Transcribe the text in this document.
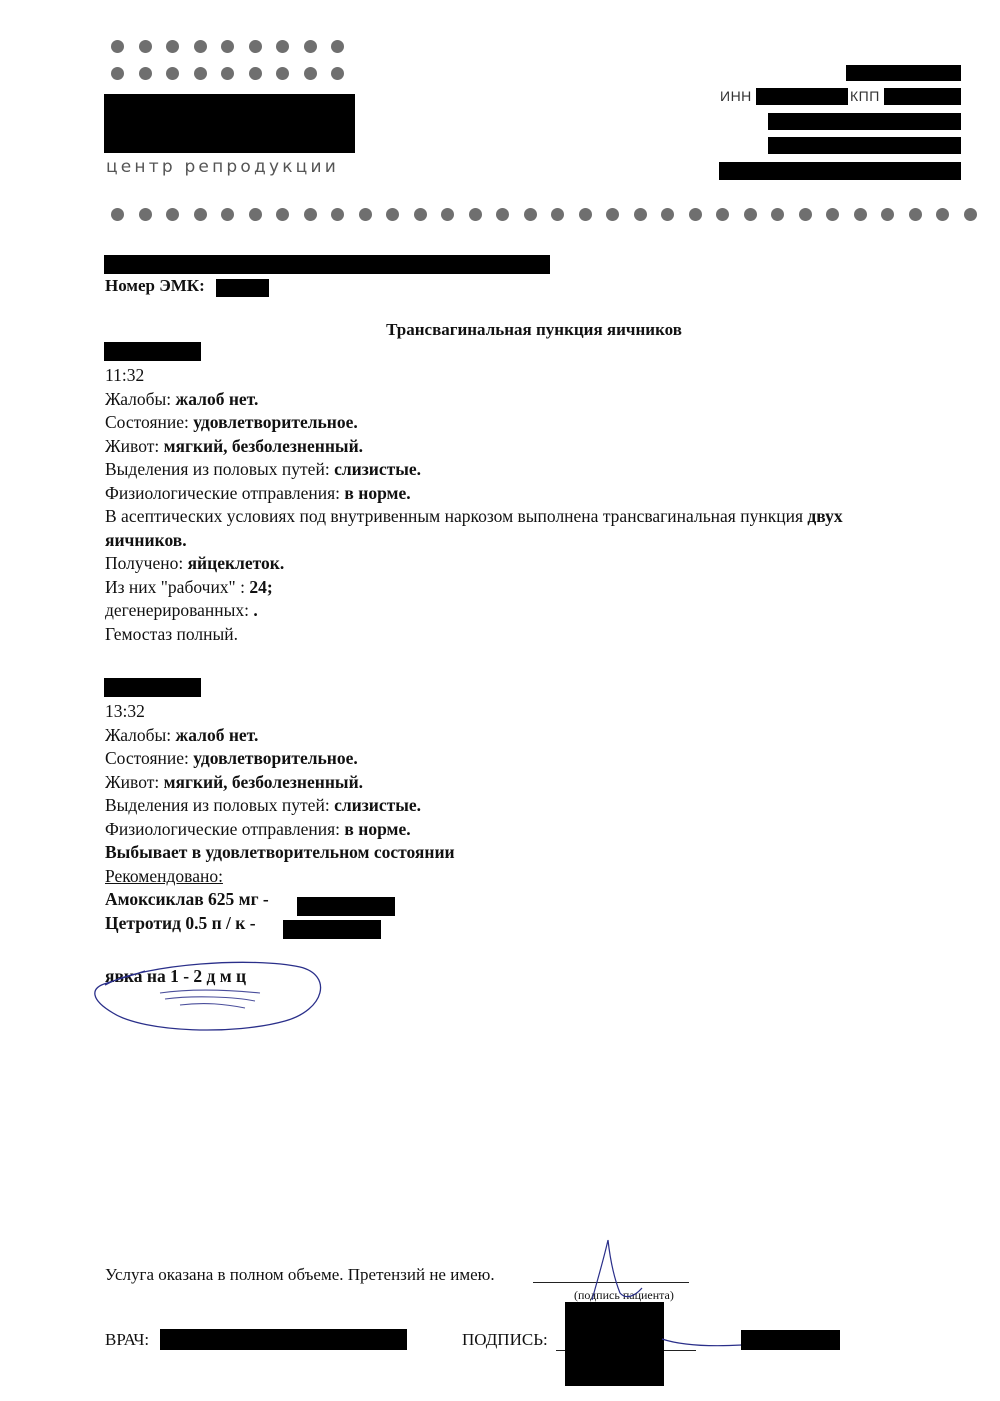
центр репродукции
ИНН	КПП
Номер ЭМК:
Трансвагинальная пункция яичников
11:32
Жалобы: жалоб нет.
Состояние: удовлетворительное.
Живот: мягкий, безболезненный.
Выделения из половых путей: слизистые.
Физиологические отправления: в норме.
В асептических условиях под внутривенным наркозом выполнена трансвагинальная пункция двух
яичников.
Получено: яйцеклеток.
Из них "рабочих" : 24;
дегенерированных: .
Гемостаз полный.
13:32
Жалобы: жалоб нет.
Состояние: удовлетворительное.
Живот: мягкий, безболезненный.
Выделения из половых путей: слизистые.
Физиологические отправления: в норме.
Выбывает в удовлетворительном состоянии
Рекомендовано:
Амоксиклав 625 мг -
Цетротид 0.5 п / к -
явка на 1 - 2 д м ц
Услуга оказана в полном объеме. Претензий не имею.
(подпись пациента)
ВРАЧ:	ПОДПИСЬ:
